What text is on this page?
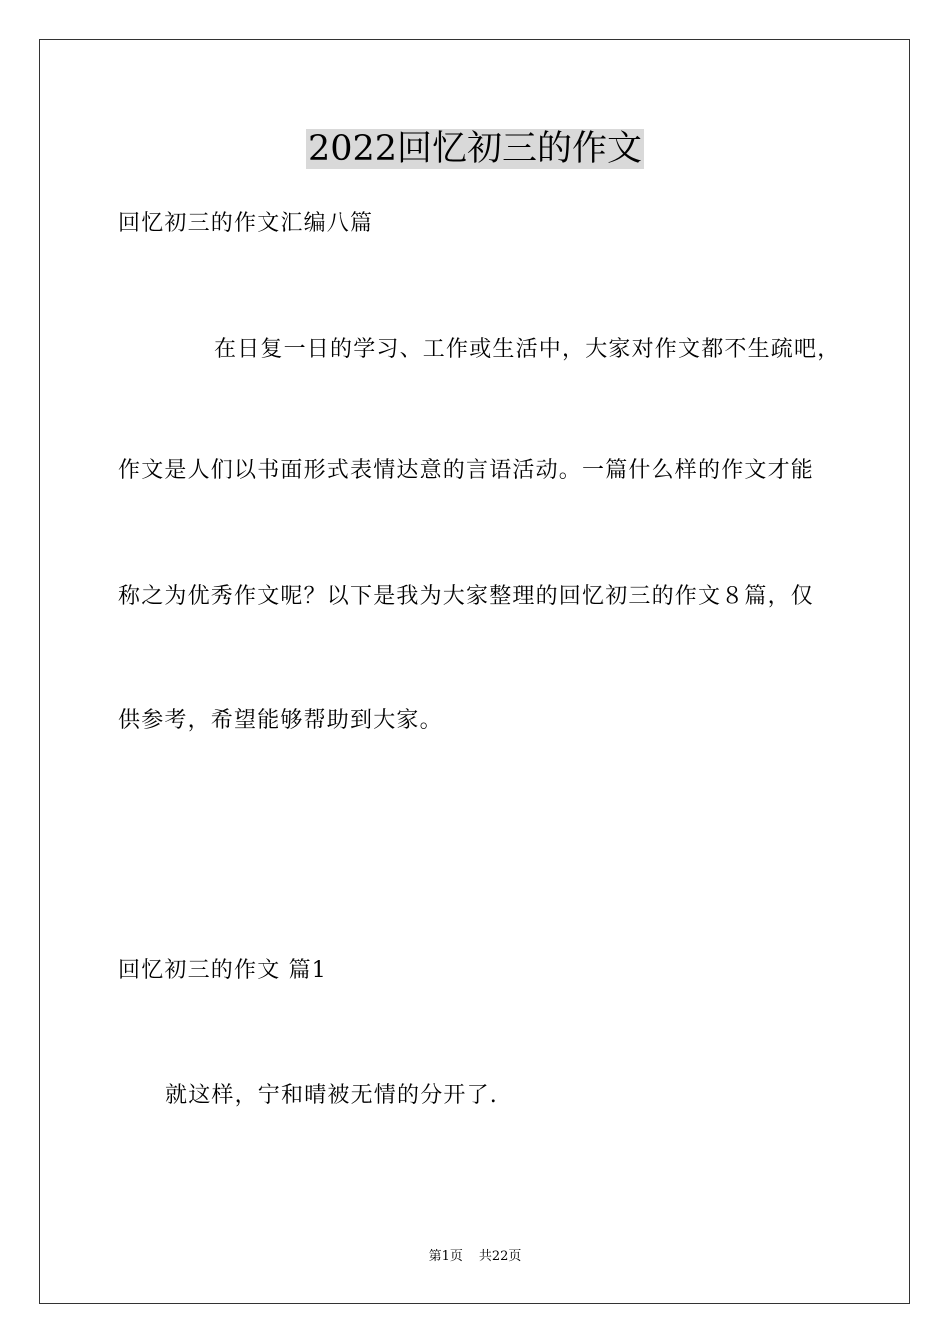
2022回忆初三的作文
回忆初三的作文汇编八篇
在日复一日的学习、工作或生活中，大家对作文都不生疏吧，
作文是人们以书面形式表情达意的言语活动。一篇什么样的作文才能
称之为优秀作文呢？以下是我为大家整理的回忆初三的作文８篇，仅
供参考，希望能够帮助到大家。
回忆初三的作文 篇1
就这样，宁和晴被无情的分开了.
第1页 共22页
